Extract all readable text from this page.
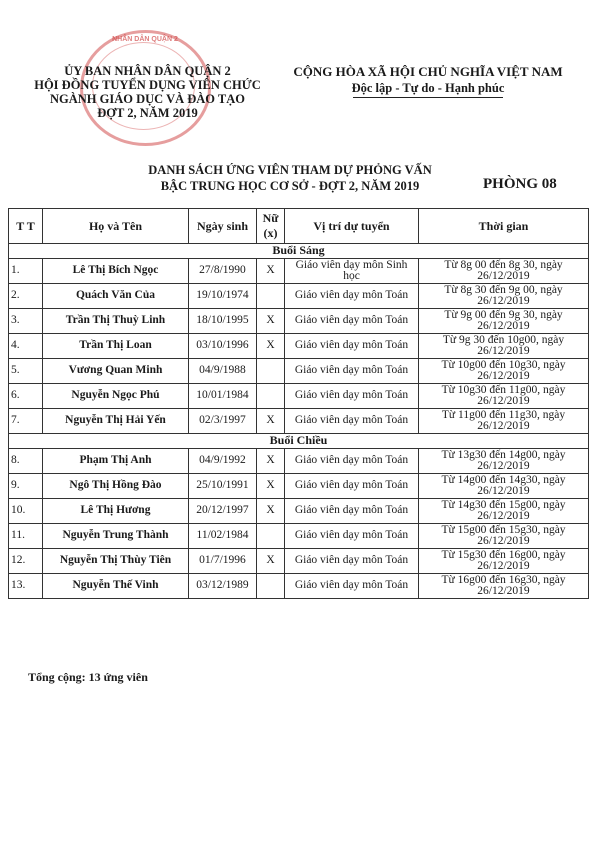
NHÂN DÂN QUẬN 2
ỦY BAN NHÂN DÂN QUẬN 2
HỘI ĐỒNG TUYỂN DỤNG VIÊN CHỨC
NGÀNH GIÁO DỤC VÀ ĐÀO TẠO
ĐỢT 2, NĂM 2019
CỘNG HÒA XÃ HỘI CHỦ NGHĨA VIỆT NAM
Độc lập - Tự do - Hạnh phúc
DANH SÁCH ỨNG VIÊN THAM DỰ PHỎNG VẤN
BẬC TRUNG HỌC CƠ SỞ - ĐỢT 2, NĂM 2019	PHÒNG 08
T T	Họ và Tên	Ngày sinh	Nữ (x)	Vị trí dự tuyển	Thời gian
Buổi Sáng					
1.	Lê Thị Bích Ngọc	27/8/1990	X	Giáo viên dạy môn Sinh học	Từ 8g 00 đến 8g 30, ngày 26/12/2019
2.	Quách Văn Của	19/10/1974		Giáo viên dạy môn Toán	Từ 8g 30 đến 9g 00, ngày 26/12/2019
3.	Trần Thị Thuỳ Linh	18/10/1995	X	Giáo viên dạy môn Toán	Từ 9g 00 đến 9g 30, ngày 26/12/2019
4.	Trần Thị Loan	03/10/1996	X	Giáo viên dạy môn Toán	Từ 9g 30 đến 10g00, ngày 26/12/2019
5.	Vương Quan Minh	04/9/1988		Giáo viên dạy môn Toán	Từ 10g00 đến 10g30, ngày 26/12/2019
6.	Nguyễn Ngọc Phú	10/01/1984		Giáo viên dạy môn Toán	Từ 10g30 đến 11g00, ngày 26/12/2019
7.	Nguyễn Thị Hải Yến	02/3/1997	X	Giáo viên dạy môn Toán	Từ 11g00 đến 11g30, ngày 26/12/2019
Buổi Chiều					
8.	Phạm Thị Anh	04/9/1992	X	Giáo viên dạy môn Toán	Từ 13g30 đến 14g00, ngày 26/12/2019
9.	Ngô Thị Hồng Đào	25/10/1991	X	Giáo viên dạy môn Toán	Từ 14g00 đến 14g30, ngày 26/12/2019
10.	Lê Thị Hương	20/12/1997	X	Giáo viên dạy môn Toán	Từ 14g30 đến 15g00, ngày 26/12/2019
11.	Nguyễn Trung Thành	11/02/1984		Giáo viên dạy môn Toán	Từ 15g00 đến 15g30, ngày 26/12/2019
12.	Nguyễn Thị Thùy Tiên	01/7/1996	X	Giáo viên dạy môn Toán	Từ 15g30 đến 16g00, ngày 26/12/2019
13.	Nguyễn Thế Vinh	03/12/1989		Giáo viên dạy môn Toán	Từ 16g00 đến 16g30, ngày 26/12/2019
Tổng cộng: 13 ứng viên
